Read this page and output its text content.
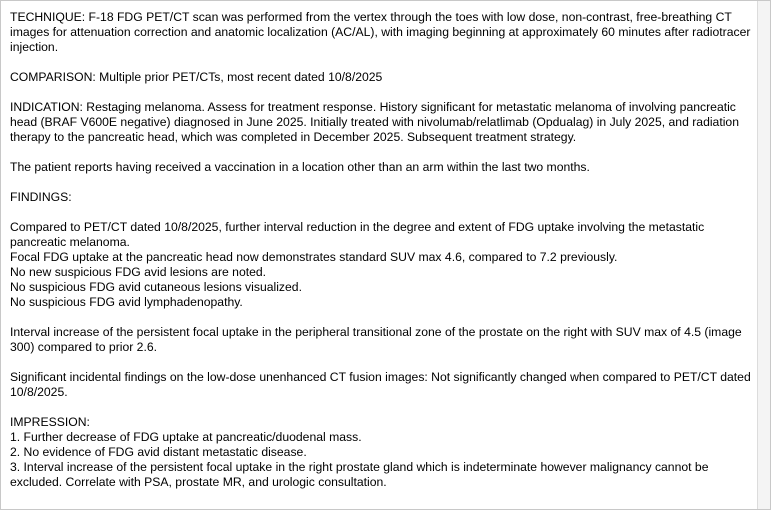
TECHNIQUE: F-18 FDG PET/CT scan was performed from the vertex through the toes with low dose, non-contrast, free-breathing CT images for attenuation correction and anatomic localization (AC/AL), with imaging beginning at approximately 60 minutes after radiotracer injection.

COMPARISON: Multiple prior PET/CTs, most recent dated 10/8/2025

INDICATION: Restaging melanoma. Assess for treatment response. History significant for metastatic melanoma of involving pancreatic head (BRAF V600E negative) diagnosed in June 2025. Initially treated with nivolumab/relatlimab (Opdualag) in July 2025, and radiation therapy to the pancreatic head, which was completed in December 2025. Subsequent treatment strategy.

The patient reports having received a vaccination in a location other than an arm within the last two months.

FINDINGS:

Compared to PET/CT dated 10/8/2025, further interval reduction in the degree and extent of FDG uptake involving the metastatic pancreatic melanoma.
Focal FDG uptake at the pancreatic head now demonstrates standard SUV max 4.6, compared to 7.2 previously.
No new suspicious FDG avid lesions are noted.
No suspicious FDG avid cutaneous lesions visualized.
No suspicious FDG avid lymphadenopathy.

Interval increase of the persistent focal uptake in the peripheral transitional zone of the prostate on the right with SUV max of 4.5 (image 300) compared to prior 2.6.

Significant incidental findings on the low-dose unenhanced CT fusion images: Not significantly changed when compared to PET/CT dated 10/8/2025.

IMPRESSION:
1. Further decrease of FDG uptake at pancreatic/duodenal mass.
2. No evidence of FDG avid distant metastatic disease.
3. Interval increase of the persistent focal uptake in the right prostate gland which is indeterminate however malignancy cannot be excluded. Correlate with PSA, prostate MR, and urologic consultation.
